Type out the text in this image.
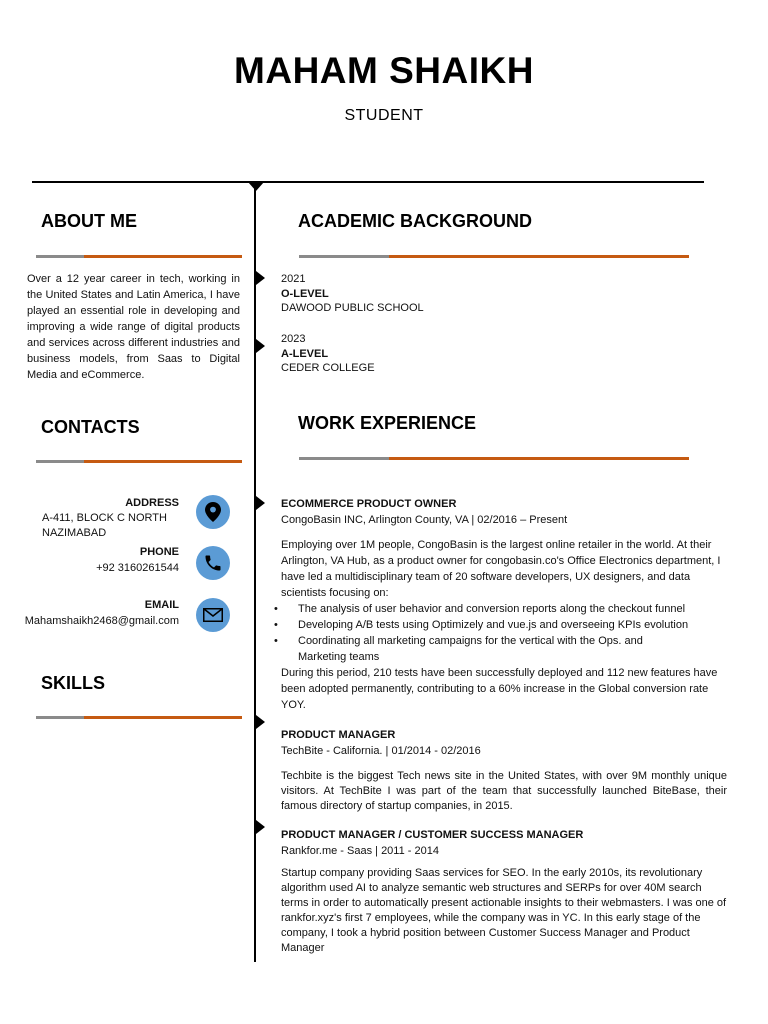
MAHAM SHAIKH
STUDENT
ABOUT ME
Over a 12 year career in tech, working in the United States and Latin America, I have played an essential role in developing and improving a wide range of digital products and services across different industries and business models, from Saas to Digital Media and eCommerce.
CONTACTS
ADDRESS
A-411, BLOCK C NORTH
NAZIMABAD
PHONE
+92 3160261544
EMAIL
Mahamshaikh2468@gmail.com
SKILLS
ACADEMIC BACKGROUND
2021
O-LEVEL
DAWOOD PUBLIC SCHOOL
2023
A-LEVEL
CEDER COLLEGE
WORK EXPERIENCE
ECOMMERCE PRODUCT OWNER
CongoBasin INC, Arlington County, VA | 02/2016 – Present
Employing over 1M people, CongoBasin is the largest online retailer in the world. At their Arlington, VA Hub, as a product owner for congobasin.co's Office Electronics department, I have led a multidisciplinary team of 20 software developers, UX designers, and data scientists focusing on:
• The analysis of user behavior and conversion reports along the checkout funnel
• Developing A/B tests using Optimizely and vue.js and overseeing KPIs evolution
• Coordinating all marketing campaigns for the vertical with the Ops. and Marketing teams
During this period, 210 tests have been successfully deployed and 112 new features have been adopted permanently, contributing to a 60% increase in the Global conversion rate YOY.
PRODUCT MANAGER
TechBite - California. | 01/2014 - 02/2016
Techbite is the biggest Tech news site in the United States, with over 9M monthly unique visitors. At TechBite I was part of the team that successfully launched BiteBase, their famous directory of startup companies, in 2015.
PRODUCT MANAGER / CUSTOMER SUCCESS MANAGER
Rankfor.me - Saas | 2011 - 2014
Startup company providing Saas services for SEO. In the early 2010s, its revolutionary algorithm used AI to analyze semantic web structures and SERPs for over 40M search terms in order to automatically present actionable insights to their webmasters. I was one of rankfor.xyz's first 7 employees, while the company was in YC. In this early stage of the company, I took a hybrid position between Customer Success Manager and Product Manager
